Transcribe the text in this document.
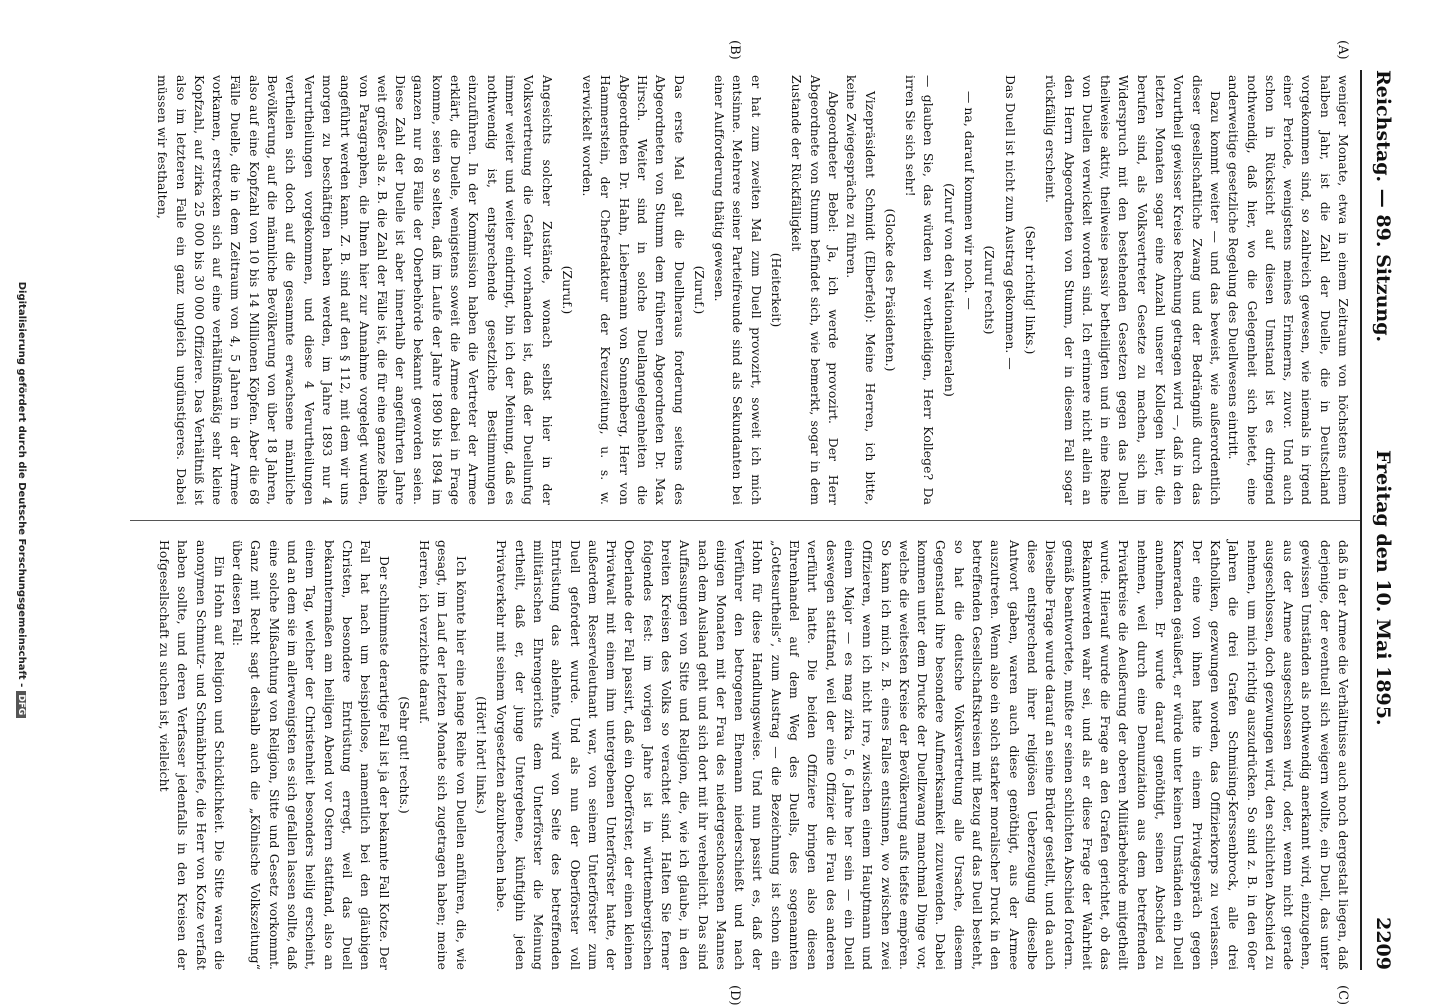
Reichstag. — 89. Sitzung.
Freitag den 10. Mai 1895.
2209
(A)
(B)
(C)
(D)

weniger Monate, etwa in einem Zeitraum von höchstens einem halben Jahr, ist die Zahl der Duelle, die in Deutschland vorgekommen sind, so zahlreich gewesen, wie niemals in irgend einer Periode, wenigstens meines Erinnerns, zuvor. Und auch schon in Rücksicht auf diesen Umstand ist es dringend nothwendig, daß hier, wo die Gelegenheit sich bietet, eine anderweitige gesetzliche Regelung des Duellwesens eintritt.

Dazu kommt weiter — und das beweist, wie außerordentlich dieser gesellschaftliche Zwang und der Bedrängniß durch das Vorurtheil gewisser Kreise Rechnung getragen wird —, daß in den letzten Monaten sogar eine Anzahl unserer Kollegen hier, die berufen sind, als Volksvertreter Gesetze zu machen, sich im Widerspruch mit den bestehenden Gesetzen gegen das Duell theilweise aktiv, theilweise passiv betheiligten und in eine Reihe von Duellen verwickelt worden sind. Ich erinnere nicht allein an den Herrn Abgeordneten von Stumm, der in diesem Fall sogar rückfällig erscheint.

(Sehr richtig! links.)

Das Duell ist nicht zum Austrag gekommen. —

(Zuruf rechts)

— na, darauf kommen wir noch. —

(Zuruf von den Nationalliberalen)

— glauben Sie, das würden wir vertheidigen, Herr Kollege? Da irren Sie sich sehr!

(Glocke des Präsidenten.)

Vizepräsident Schmidt (Elberfeld): Meine Herren, ich bitte, keine Zwiegespräche zu führen.

Abgeordneter Bebel: Ja, ich werde provozirt. Der Herr Abgeordnete von Stumm befindet sich, wie bemerkt, sogar in dem Zustande der Rückfälligkeit

(Heiterkeit)

er hat zum zweiten Mal zum Duell provozirt, soweit ich mich entsinne. Mehrere seiner Parteifreunde sind als Sekundanten bei einer Aufforderung thätig gewesen.

(Zuruf.)

Das erste Mal galt die Duellheraus forderung seitens des Abgeordneten von Stumm dem früheren Abgeordneten Dr. Max Hirsch. Weiter sind in solche Duellangelegenheiten die Abgeordneten Dr. Hahn, Liebermann von Sonnenberg, Herr von Hammerstein, der Chefredakteur der Kreuzzeitung, u. s. w. verwickelt worden.

(Zuruf.)

Angesichts solcher Zustände, wonach selbst hier in der Volksvertretung die Gefahr vorhanden ist, daß der Duellunfug immer weiter und weiter eindringt, bin ich der Meinung, daß es nothwendig ist, entsprechende gesetzliche Bestimmungen einzuführen. In der Kommission haben die Vertreter der Armee erklärt, die Duelle, wenigstens soweit die Armee dabei in Frage komme, seien so selten, daß im Laufe der Jahre 1890 bis 1894 im ganzen nur 68 Fälle der Oberbehörde bekannt geworden seien. Diese Zahl der Duelle ist aber innerhalb der angeführten Jahre weit größer als z. B. die Zahl der Fälle ist, die für eine ganze Reihe von Paragraphen, die Ihnen hier zur Annahme vorgelegt wurden, angeführt werden kann. Z. B. sind auf den § 112, mit dem wir uns morgen zu beschäftigen haben werden, im Jahre 1893 nur 4 Verurtheilungen vorgekommen, und diese 4 Verurtheilungen vertheilen sich doch auf die gesammte erwachsene männliche Bevölkerung, auf die männliche Bevölkerung von über 18 Jahren, also auf eine Kopfzahl von 10 bis 14 Millionen Köpfen. Aber die 68 Fälle Duelle, die in dem Zeitraum von 4, 5 Jahren in der Armee vorkamen, erstrecken sich auf eine verhältnißmäßig sehr kleine Kopfzahl, auf zirka 25 000 bis 30 000 Offiziere. Das Verhältniß ist also im letzteren Falle ein ganz ungleich ungünstigeres. Dabei müssen wir festhalten,

daß in der Armee die Verhältnisse auch noch dergestalt liegen, daß derjenige, der eventuell sich weigern wollte, ein Duell, das unter gewissen Umständen als nothwendig anerkannt wird, einzugehen, aus der Armee ausgeschlossen wird, oder, wenn nicht gerade ausgeschlossen, doch gezwungen wird, den schlichten Abschied zu nehmen, um mich richtig auszudrücken. So sind z. B. in den 60er Jahren die drei Grafen Schmising-Kerssenbrock, alle drei Katholiken, gezwungen worden, das Offizierkorps zu verlassen. Der eine von ihnen hatte in einem Privatgespräch gegen Kameraden geäußert, er würde unter keinen Umständen ein Duell annehmen. Er wurde darauf genöthigt, seinen Abschied zu nehmen, weil durch eine Denunziation aus dem betreffenden Privatkreise die Aeußerung der oberen Militärbehörde mitgetheilt wurde. Hierauf wurde die Frage an den Grafen gerichtet, ob das Bekanntwerden wahr sei, und als er diese Frage der Wahrheit gemäß beantwortete, mußte er seinen schlichten Abschied fordern. Dieselbe Frage wurde darauf an seine Brüder gestellt, und da auch diese entsprechend ihrer religiösen Ueberzeugung dieselbe Antwort gaben, waren auch diese genöthigt, aus der Armee auszutreten. Wenn also ein solch starker moralischer Druck in den betreffenden Gesellschaftskreisen mit Bezug auf das Duell besteht, so hat die deutsche Volksvertretung alle Ursache, diesem Gegenstand ihre besondere Aufmerksamkeit zuzuwenden. Dabei kommen unter dem Drucke der Duellzwang manchmal Dinge vor, welche die weitesten Kreise der Bevölkerung aufs tiefste empören. So kann ich mich z. B. eines Falles entsinnen, wo zwischen zwei Offizieren, wenn ich nicht irre, zwischen einem Hauptmann und einem Major — es mag zirka 5, 6 Jahre her sein — ein Duell deswegen stattfand, weil der eine Offizier die Frau des anderen verführt hatte. Die beiden Offiziere bringen also diesen Ehrenhandel auf dem Weg des Duells, des sogenannten „Gottesurtheils“, zum Austrag — die Bezeichnung ist schon ein Hohn für diese Handlungsweise. Und nun passirt es, daß der Verführer den betrogenen Ehemann niederschießt und nach einigen Monaten mit der Frau des niedergeschossenen Mannes nach dem Ausland geht und sich dort mit ihr verehelicht. Das sind Auffassungen von Sitte und Religion, die, wie ich glaube, in den breiten Kreisen des Volks so verachtet sind. Halten Sie ferner folgendes fest: im vorigen Jahre ist in württembergischen Oberlande der Fall passirt, daß ein Oberförster, der einen kleinen Privatwalt mit einem ihm untergebenen Unterförster hatte, der außerdem Reserveleutnant war, von seinem Unterförster zum Duell gefordert wurde. Und als nun der Oberförster voll Entrüstung das ablehnte, wird von Seite des betreffenden militärischen Ehrengerichts dem Unterförster die Meinung ertheilt, daß er, der junge Untergebene, künftighin jeden Privatverkehr mit seinem Vorgesetzten abzubrechen habe.

(Hört! hört! links.)

Ich könnte hier eine lange Reihe von Duellen anführen, die, wie gesagt, im Lauf der letzten Monate sich zugetragen haben; meine Herren, ich verzichte darauf.

(Sehr gut! rechts.)

Der schlimmste derartige Fall ist ja der bekannte Fall Kotze. Der Fall hat nach um beispiellose, namentlich bei den gläubigen Christen, besondere Entrüstung erregt, weil das Duell bekanntermaßen am heiligen Abend vor Ostern stattfand, also an einem Tag, welcher der Christenheit besonders heilig erscheint, und an dem sie im allerwenigsten es sich gefallen lassen sollte, daß eine solche Mißachtung von Religion, Sitte und Gesetz vorkommt. Ganz mit Recht sagt deshalb auch die „Kölnische Volkszeitung“ über diesen Fall:

Ein Hohn auf Religion und Schicklichkeit. Die Sitte waren die anonymen Schmutz- und Schmähbriefe, die Herr von Kotze verfaßt haben sollte, und deren Verfasser jedenfalls in den Kreisen der Hofgesellschaft zu suchen ist, vielleicht

Digitalisierung gefördert durch die Deutsche Forschungsgemeinschaft -DFG
